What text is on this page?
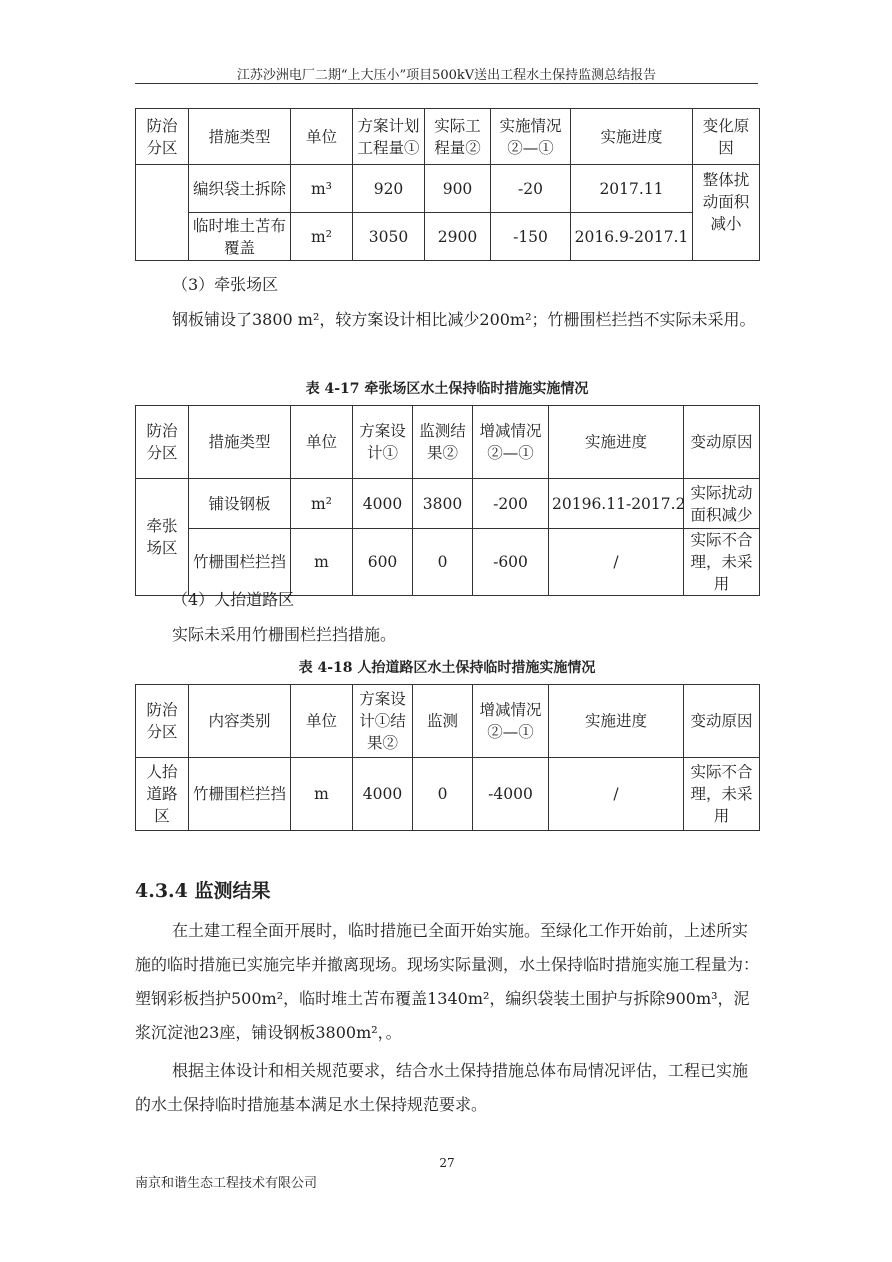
江苏沙洲电厂二期“上大压小”项目500kV送出工程水土保持监测总结报告
防治分区	措施类型	单位	方案计划工程量①	实际工程量②	实施情况②—①	实施进度	变化原因
	编织袋土拆除	m³	920	900	-20	2017.11	整体扰动面积减小
	临时堆土苫布覆盖	m²	3050	2900	-150	2016.9-2017.1	
（3）牵张场区
钢板铺设了3800 m²，较方案设计相比减少200m²；竹栅围栏拦挡不实际未采用。
表 4-17 牵张场区水土保持临时措施实施情况
防治分区	措施类型	单位	方案设计①	监测结果②	增减情况②—①	实施进度	变动原因
牵张场区	铺设钢板	m²	4000	3800	-200	20196.11-2017.2	实际扰动面积减少
	竹栅围栏拦挡	m	600	0	-600	/	实际不合理，未采用
（4）人抬道路区
实际未采用竹栅围栏拦挡措施。
表 4-18 人抬道路区水土保持临时措施实施情况
防治分区	内容类别	单位	方案设计①结果②	监测	增减情况②—①	实施进度	变动原因
人抬道路区	竹栅围栏拦挡	m	4000	0	-4000	/	实际不合理，未采用
4.3.4 监测结果
在土建工程全面开展时，临时措施已全面开始实施。至绿化工作开始前，上述所实施的临时措施已实施完毕并撤离现场。现场实际量测，水土保持临时措施实施工程量为：塑钢彩板挡护500m²，临时堆土苫布覆盖1340m²，编织袋装土围护与拆除900m³，泥浆沉淀池23座，铺设钢板3800m²，。
根据主体设计和相关规范要求，结合水土保持措施总体布局情况评估，工程已实施的水土保持临时措施基本满足水土保持规范要求。
27
南京和谐生态工程技术有限公司
